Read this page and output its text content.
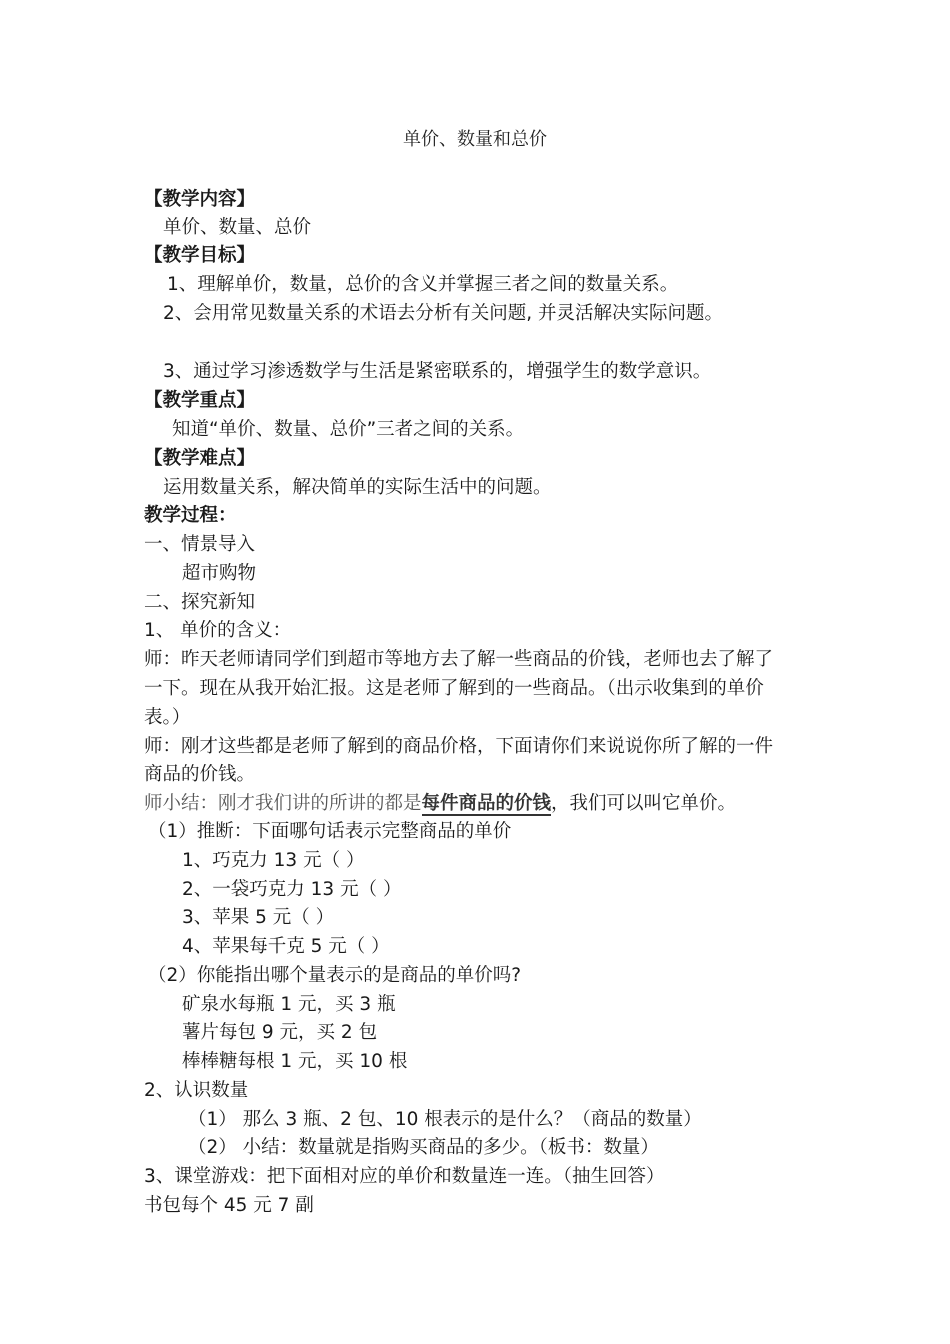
单价、数量和总价
【教学内容】
单价、数量、总价
【教学目标】
1、理解单价，数量，总价的含义并掌握三者之间的数量关系。
2、会用常见数量关系的术语去分析有关问题, 并灵活解决实际问题。
3、通过学习渗透数学与生活是紧密联系的，增强学生的数学意识。
【教学重点】
知道“单价、数量、总价”三者之间的关系。
【教学难点】
运用数量关系，解决简单的实际生活中的问题。
教学过程：
一、情景导入
超市购物
二、探究新知
1、 单价的含义：
师：昨天老师请同学们到超市等地方去了解一些商品的价钱，老师也去了解了
一下。现在从我开始汇报。这是老师了解到的一些商品。（出示收集到的单价
表。）
师：刚才这些都是老师了解到的商品价格，下面请你们来说说你所了解的一件
商品的价钱。
师小结：刚才我们讲的所讲的都是每件商品的价钱，我们可以叫它单价。
（1）推断：下面哪句话表示完整商品的单价
1、巧克力 13 元（ ）
2、一袋巧克力 13 元（ ）
3、苹果 5 元（ ）
4、苹果每千克 5 元（ ）
（2）你能指出哪个量表示的是商品的单价吗?
矿泉水每瓶 1 元，买 3 瓶
薯片每包 9 元，买 2 包
棒棒糖每根 1 元，买 10 根
2、认识数量
（1） 那么 3 瓶、2 包、10 根表示的是什么？（商品的数量）
（2） 小结：数量就是指购买商品的多少。（板书：数量）
3、课堂游戏：把下面相对应的单价和数量连一连。（抽生回答）
书包每个 45 元 7 副
